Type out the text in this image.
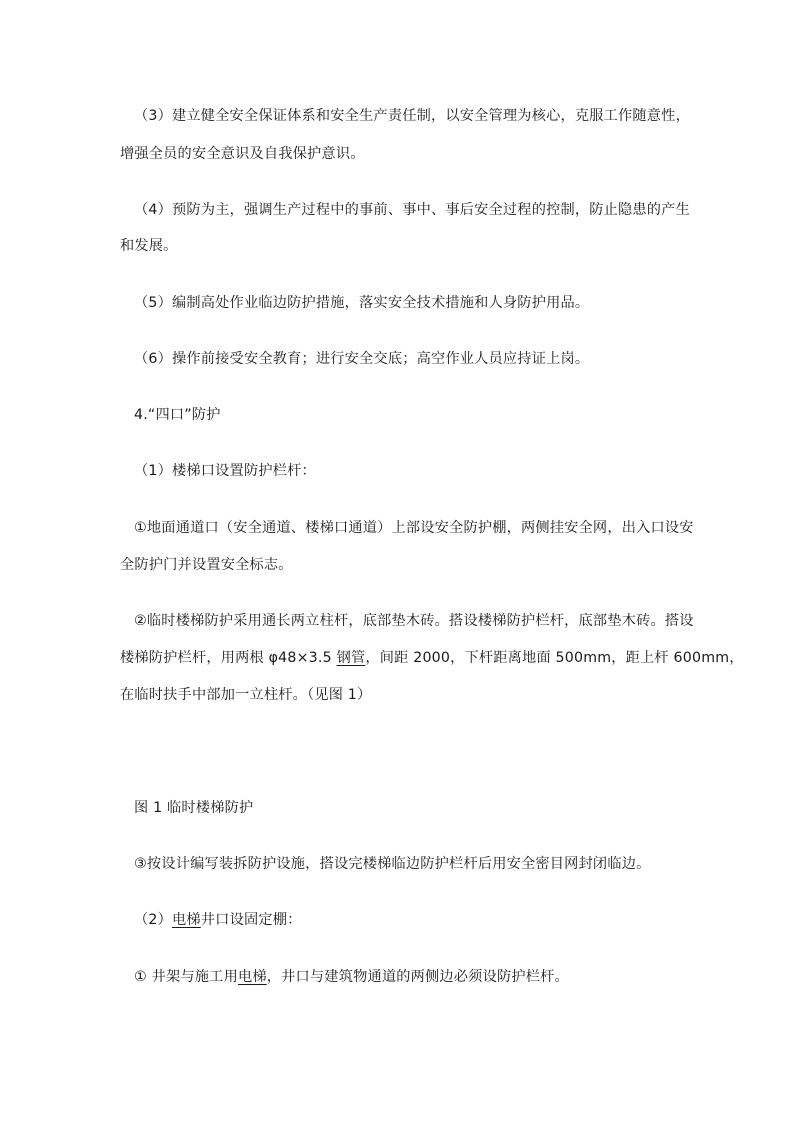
（3）建立健全安全保证体系和安全生产责任制，以安全管理为核心，克服工作随意性，
增强全员的安全意识及自我保护意识。
（4）预防为主，强调生产过程中的事前、事中、事后安全过程的控制，防止隐患的产生
和发展。
（5）编制高处作业临边防护措施，落实安全技术措施和人身防护用品。
（6）操作前接受安全教育；进行安全交底；高空作业人员应持证上岗。
4.“四口”防护
（1）楼梯口设置防护栏杆：
①地面通道口（安全通道、楼梯口通道）上部设安全防护棚，两侧挂安全网，出入口设安
全防护门并设置安全标志。
②临时楼梯防护采用通长两立柱杆，底部垫木砖。搭设楼梯防护栏杆，底部垫木砖。搭设
楼梯防护栏杆，用两根 φ48×3.5 钢管，间距 2000，下杆距离地面 500mm，距上杆 600mm，
在临时扶手中部加一立柱杆。（见图 1）
图 1 临时楼梯防护
③按设计编写装拆防护设施，搭设完楼梯临边防护栏杆后用安全密目网封闭临边。
（2）电梯井口设固定棚：
① 井架与施工用电梯，井口与建筑物通道的两侧边必须设防护栏杆。
